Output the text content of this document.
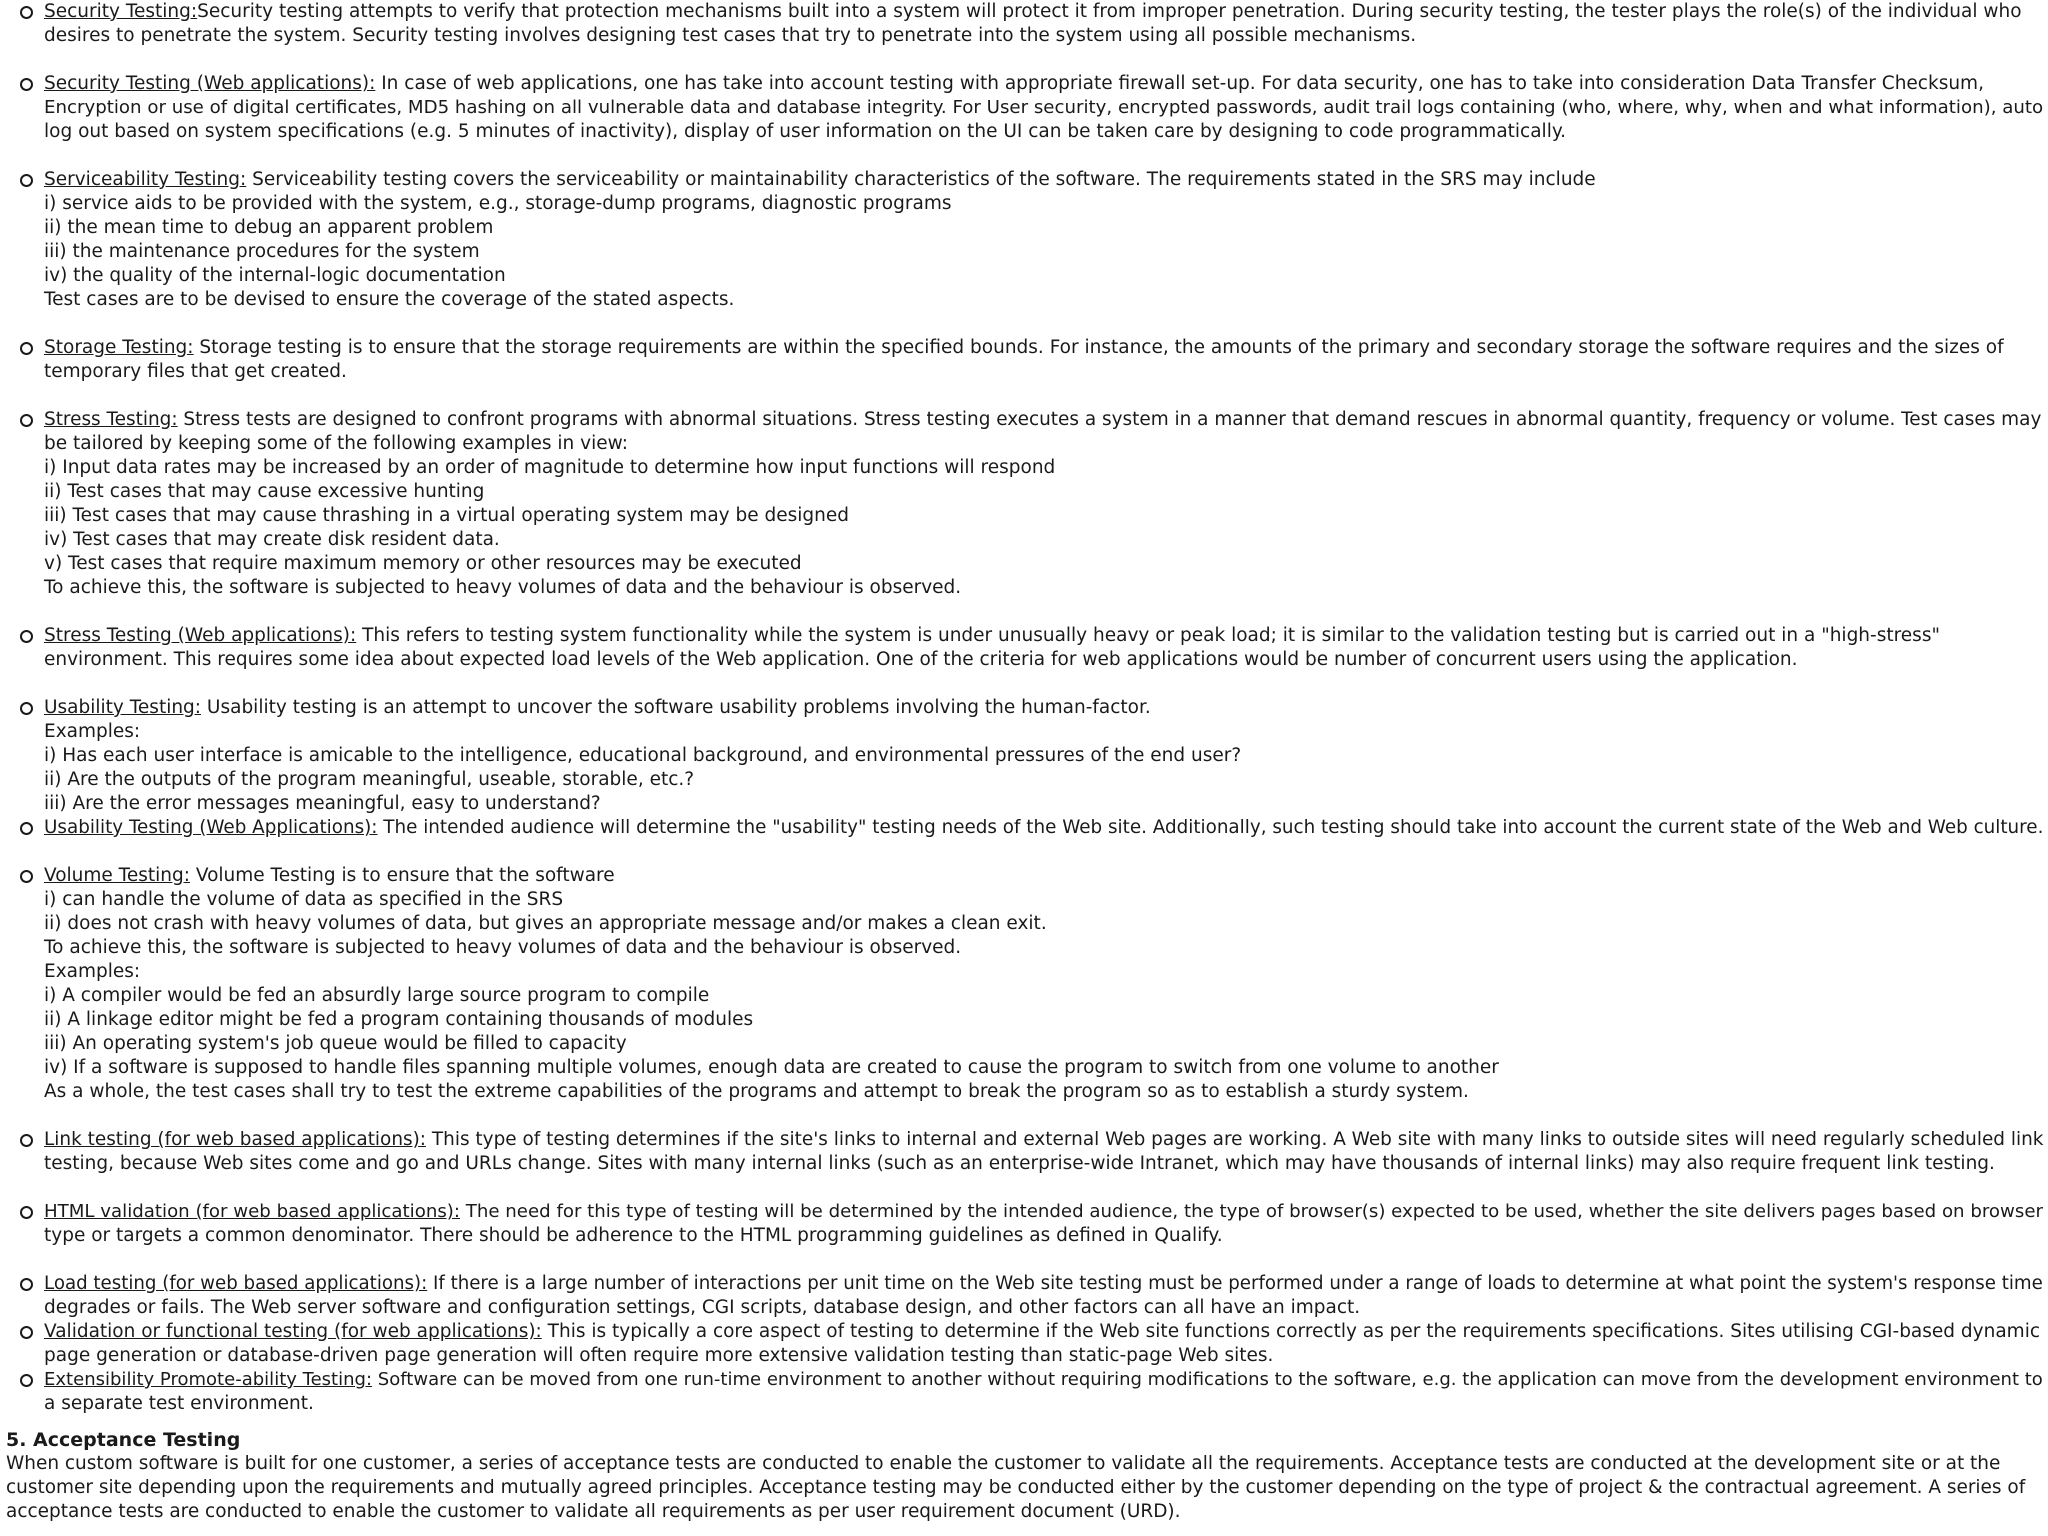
Security Testing:Security testing attempts to verify that protection mechanisms built into a system will protect it from improper penetration. During security testing, the tester plays the role(s) of the individual who
desires to penetrate the system. Security testing involves designing test cases that try to penetrate into the system using all possible mechanisms.
Security Testing (Web applications): In case of web applications, one has take into account testing with appropriate firewall set-up. For data security, one has to take into consideration Data Transfer Checksum,
Encryption or use of digital certificates, MD5 hashing on all vulnerable data and database integrity. For User security, encrypted passwords, audit trail logs containing (who, where, why, when and what information), auto
log out based on system specifications (e.g. 5 minutes of inactivity), display of user information on the UI can be taken care by designing to code programmatically.
Serviceability Testing: Serviceability testing covers the serviceability or maintainability characteristics of the software. The requirements stated in the SRS may include
i) service aids to be provided with the system, e.g., storage-dump programs, diagnostic programs
ii) the mean time to debug an apparent problem
iii) the maintenance procedures for the system
iv) the quality of the internal-logic documentation
Test cases are to be devised to ensure the coverage of the stated aspects.
Storage Testing: Storage testing is to ensure that the storage requirements are within the specified bounds. For instance, the amounts of the primary and secondary storage the software requires and the sizes of
temporary files that get created.
Stress Testing: Stress tests are designed to confront programs with abnormal situations. Stress testing executes a system in a manner that demand rescues in abnormal quantity, frequency or volume. Test cases may
be tailored by keeping some of the following examples in view:
i) Input data rates may be increased by an order of magnitude to determine how input functions will respond
ii) Test cases that may cause excessive hunting
iii) Test cases that may cause thrashing in a virtual operating system may be designed
iv) Test cases that may create disk resident data.
v) Test cases that require maximum memory or other resources may be executed
To achieve this, the software is subjected to heavy volumes of data and the behaviour is observed.
Stress Testing (Web applications): This refers to testing system functionality while the system is under unusually heavy or peak load; it is similar to the validation testing but is carried out in a "high-stress"
environment. This requires some idea about expected load levels of the Web application. One of the criteria for web applications would be number of concurrent users using the application.
Usability Testing: Usability testing is an attempt to uncover the software usability problems involving the human-factor.
Examples:
i) Has each user interface is amicable to the intelligence, educational background, and environmental pressures of the end user?
ii) Are the outputs of the program meaningful, useable, storable, etc.?
iii) Are the error messages meaningful, easy to understand?
Usability Testing (Web Applications): The intended audience will determine the "usability" testing needs of the Web site. Additionally, such testing should take into account the current state of the Web and Web culture.
Volume Testing: Volume Testing is to ensure that the software
i) can handle the volume of data as specified in the SRS
ii) does not crash with heavy volumes of data, but gives an appropriate message and/or makes a clean exit.
To achieve this, the software is subjected to heavy volumes of data and the behaviour is observed.
Examples:
i) A compiler would be fed an absurdly large source program to compile
ii) A linkage editor might be fed a program containing thousands of modules
iii) An operating system's job queue would be filled to capacity
iv) If a software is supposed to handle files spanning multiple volumes, enough data are created to cause the program to switch from one volume to another
As a whole, the test cases shall try to test the extreme capabilities of the programs and attempt to break the program so as to establish a sturdy system.
Link testing (for web based applications): This type of testing determines if the site's links to internal and external Web pages are working. A Web site with many links to outside sites will need regularly scheduled link
testing, because Web sites come and go and URLs change. Sites with many internal links (such as an enterprise-wide Intranet, which may have thousands of internal links) may also require frequent link testing.
HTML validation (for web based applications): The need for this type of testing will be determined by the intended audience, the type of browser(s) expected to be used, whether the site delivers pages based on browser
type or targets a common denominator. There should be adherence to the HTML programming guidelines as defined in Qualify.
Load testing (for web based applications): If there is a large number of interactions per unit time on the Web site testing must be performed under a range of loads to determine at what point the system's response time
degrades or fails. The Web server software and configuration settings, CGI scripts, database design, and other factors can all have an impact.
Validation or functional testing (for web applications): This is typically a core aspect of testing to determine if the Web site functions correctly as per the requirements specifications. Sites utilising CGI-based dynamic
page generation or database-driven page generation will often require more extensive validation testing than static-page Web sites.
Extensibility Promote-ability Testing: Software can be moved from one run-time environment to another without requiring modifications to the software, e.g. the application can move from the development environment to
a separate test environment.
5. Acceptance Testing
When custom software is built for one customer, a series of acceptance tests are conducted to enable the customer to validate all the requirements. Acceptance tests are conducted at the development site or at the
customer site depending upon the requirements and mutually agreed principles. Acceptance testing may be conducted either by the customer depending on the type of project & the contractual agreement. A series of
acceptance tests are conducted to enable the customer to validate all requirements as per user requirement document (URD).
